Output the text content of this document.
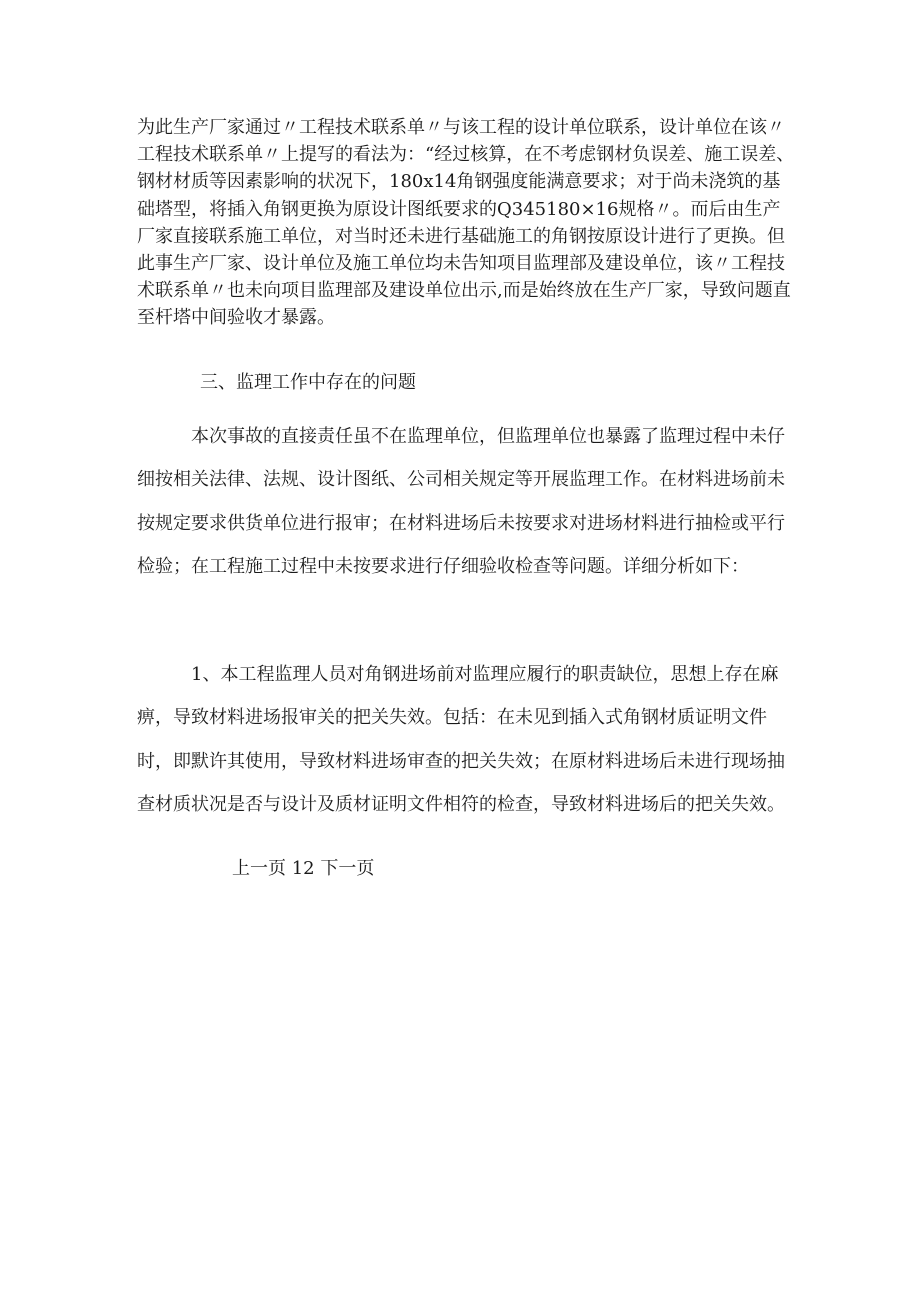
为此生产厂家通过〃工程技术联系单〃与该工程的设计单位联系，设计单位在该〃工程技术联系单〃上提写的看法为：“经过核算，在不考虑钢材负误差、施工误差、钢材材质等因素影响的状况下，180x14角钢强度能满意要求；对于尚未浇筑的基础塔型，将插入角钢更换为原设计图纸要求的Q345180×16规格〃。而后由生产厂家直接联系施工单位，对当时还未进行基础施工的角钢按原设计进行了更换。但此事生产厂家、设计单位及施工单位均未告知项目监理部及建设单位，该〃工程技术联系单〃也未向项目监理部及建设单位出示,而是始终放在生产厂家，导致问题直至杆塔中间验收才暴露。

三、监理工作中存在的问题

本次事故的直接责任虽不在监理单位，但监理单位也暴露了监理过程中未仔细按相关法律、法规、设计图纸、公司相关规定等开展监理工作。在材料进场前未按规定要求供货单位进行报审；在材料进场后未按要求对进场材料进行抽检或平行检验；在工程施工过程中未按要求进行仔细验收检查等问题。详细分析如下：

1、本工程监理人员对角钢进场前对监理应履行的职责缺位，思想上存在麻痹，导致材料进场报审关的把关失效。包括：在未见到插入式角钢材质证明文件时，即默许其使用，导致材料进场审查的把关失效；在原材料进场后未进行现场抽查材质状况是否与设计及质材证明文件相符的检查，导致材料进场后的把关失效。

上一页 12 下一页
